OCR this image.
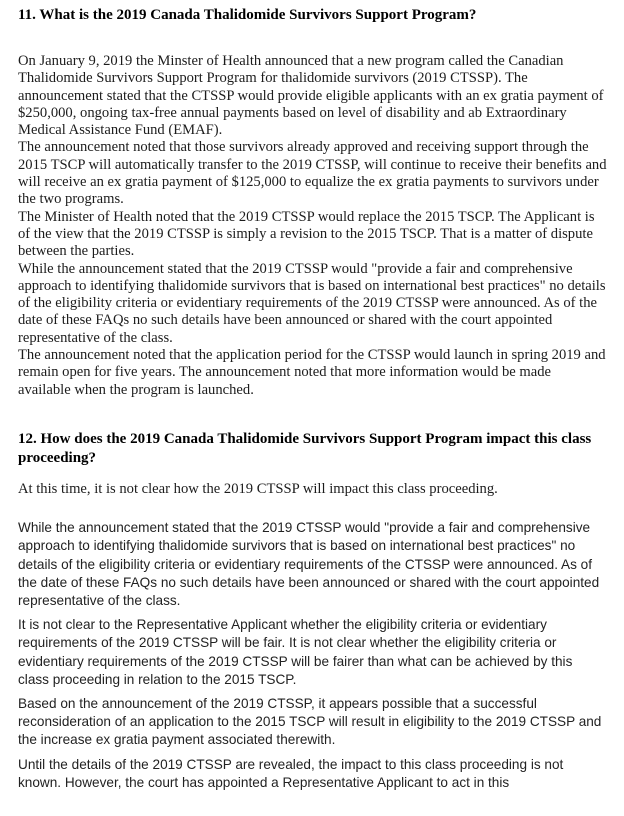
11. What is the 2019 Canada Thalidomide Survivors Support Program?

On January 9, 2019 the Minster of Health announced that a new program called the Canadian Thalidomide Survivors Support Program for thalidomide survivors (2019 CTSSP). The announcement stated that the CTSSP would provide eligible applicants with an ex gratia payment of $250,000, ongoing tax-free annual payments based on level of disability and ab Extraordinary Medical Assistance Fund (EMAF).

The announcement noted that those survivors already approved and receiving support through the 2015 TSCP will automatically transfer to the 2019 CTSSP, will continue to receive their benefits and will receive an ex gratia payment of $125,000 to equalize the ex gratia payments to survivors under the two programs.

The Minister of Health noted that the 2019 CTSSP would replace the 2015 TSCP. The Applicant is of the view that the 2019 CTSSP is simply a revision to the 2015 TSCP. That is a matter of dispute between the parties.

While the announcement stated that the 2019 CTSSP would "provide a fair and comprehensive approach to identifying thalidomide survivors that is based on international best practices" no details of the eligibility criteria or evidentiary requirements of the 2019 CTSSP were announced. As of the date of these FAQs no such details have been announced or shared with the court appointed representative of the class.

The announcement noted that the application period for the CTSSP would launch in spring 2019 and remain open for five years. The announcement noted that more information would be made available when the program is launched.

12. How does the 2019 Canada Thalidomide Survivors Support Program impact this class proceeding?

At this time, it is not clear how the 2019 CTSSP will impact this class proceeding.

While the announcement stated that the 2019 CTSSP would "provide a fair and comprehensive approach to identifying thalidomide survivors that is based on international best practices" no details of the eligibility criteria or evidentiary requirements of the CTSSP were announced. As of the date of these FAQs no such details have been announced or shared with the court appointed representative of the class.

It is not clear to the Representative Applicant whether the eligibility criteria or evidentiary requirements of the 2019 CTSSP will be fair. It is not clear whether the eligibility criteria or evidentiary requirements of the 2019 CTSSP will be fairer than what can be achieved by this class proceeding in relation to the 2015 TSCP.

Based on the announcement of the 2019 CTSSP, it appears possible that a successful reconsideration of an application to the 2015 TSCP will result in eligibility to the 2019 CTSSP and the increase ex gratia payment associated therewith.

Until the details of the 2019 CTSSP are revealed, the impact to this class proceeding is not known. However, the court has appointed a Representative Applicant to act in this
